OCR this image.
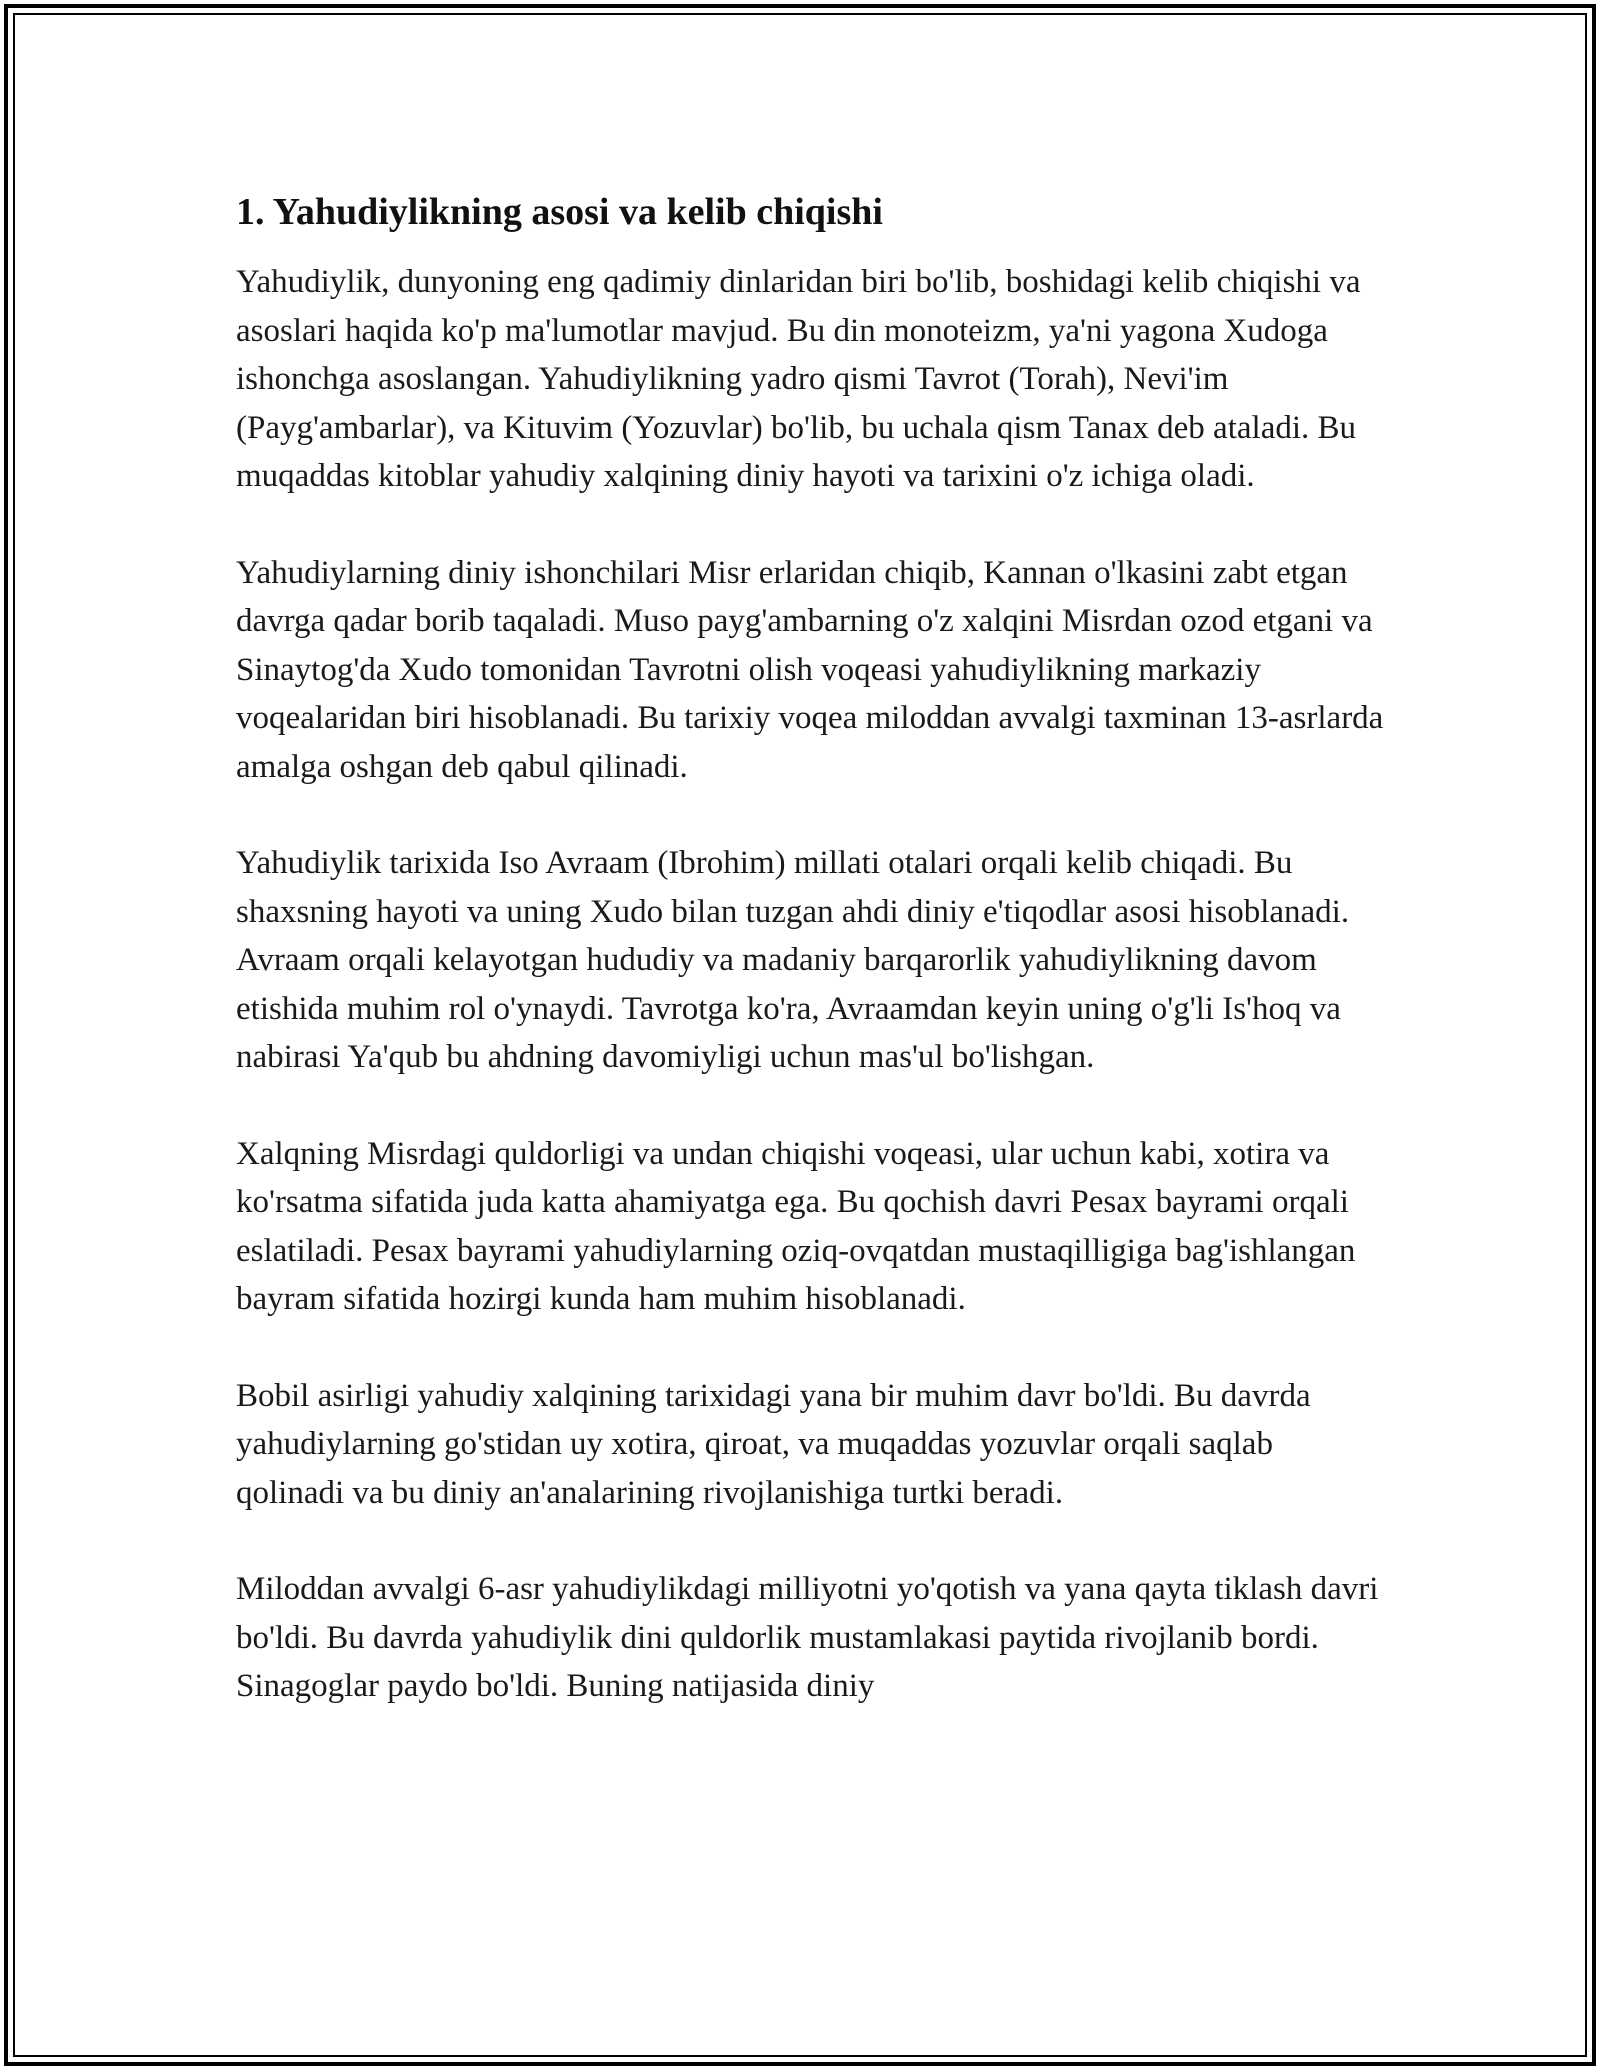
1. Yahudiylikning asosi va kelib chiqishi

Yahudiylik, dunyoning eng qadimiy dinlaridan biri bo'lib, boshidagi kelib chiqishi va asoslari haqida ko'p ma'lumotlar mavjud. Bu din monoteizm, ya'ni yagona Xudoga ishonchga asoslangan. Yahudiylikning yadro qismi Tavrot (Torah), Nevi'im (Payg'ambarlar), va Kituvim (Yozuvlar) bo'lib, bu uchala qism Tanax deb ataladi. Bu muqaddas kitoblar yahudiy xalqining diniy hayoti va tarixini o'z ichiga oladi.

Yahudiylarning diniy ishonchilari Misr erlaridan chiqib, Kannan o'lkasini zabt etgan davrga qadar borib taqaladi. Muso payg'ambarning o'z xalqini Misrdan ozod etgani va Sinaytog'da Xudo tomonidan Tavrotni olish voqeasi yahudiylikning markaziy voqealaridan biri hisoblanadi. Bu tarixiy voqea miloddan avvalgi taxminan 13-asrlarda amalga oshgan deb qabul qilinadi.

Yahudiylik tarixida Iso Avraam (Ibrohim) millati otalari orqali kelib chiqadi. Bu shaxsning hayoti va uning Xudo bilan tuzgan ahdi diniy e'tiqodlar asosi hisoblanadi. Avraam orqali kelayotgan hududiy va madaniy barqarorlik yahudiylikning davom etishida muhim rol o'ynaydi. Tavrotga ko'ra, Avraamdan keyin uning o'g'li Is'hoq va nabirasi Ya'qub bu ahdning davomiyligi uchun mas'ul bo'lishgan.

Xalqning Misrdagi quldorligi va undan chiqishi voqeasi, ular uchun kabi, xotira va ko'rsatma sifatida juda katta ahamiyatga ega. Bu qochish davri Pesax bayrami orqali eslatiladi. Pesax bayrami yahudiylarning oziq-ovqatdan mustaqilligiga bag'ishlangan bayram sifatida hozirgi kunda ham muhim hisoblanadi.

Bobil asirligi yahudiy xalqining tarixidagi yana bir muhim davr bo'ldi. Bu davrda yahudiylarning go'stidan uy xotira, qiroat, va muqaddas yozuvlar orqali saqlab qolinadi va bu diniy an'analarining rivojlanishiga turtki beradi.

Miloddan avvalgi 6-asr yahudiylikdagi milliyotni yo'qotish va yana qayta tiklash davri bo'ldi. Bu davrda yahudiylik dini quldorlik mustamlakasi paytida rivojlanib bordi. Sinagoglar paydo bo'ldi. Buning natijasida diniy
